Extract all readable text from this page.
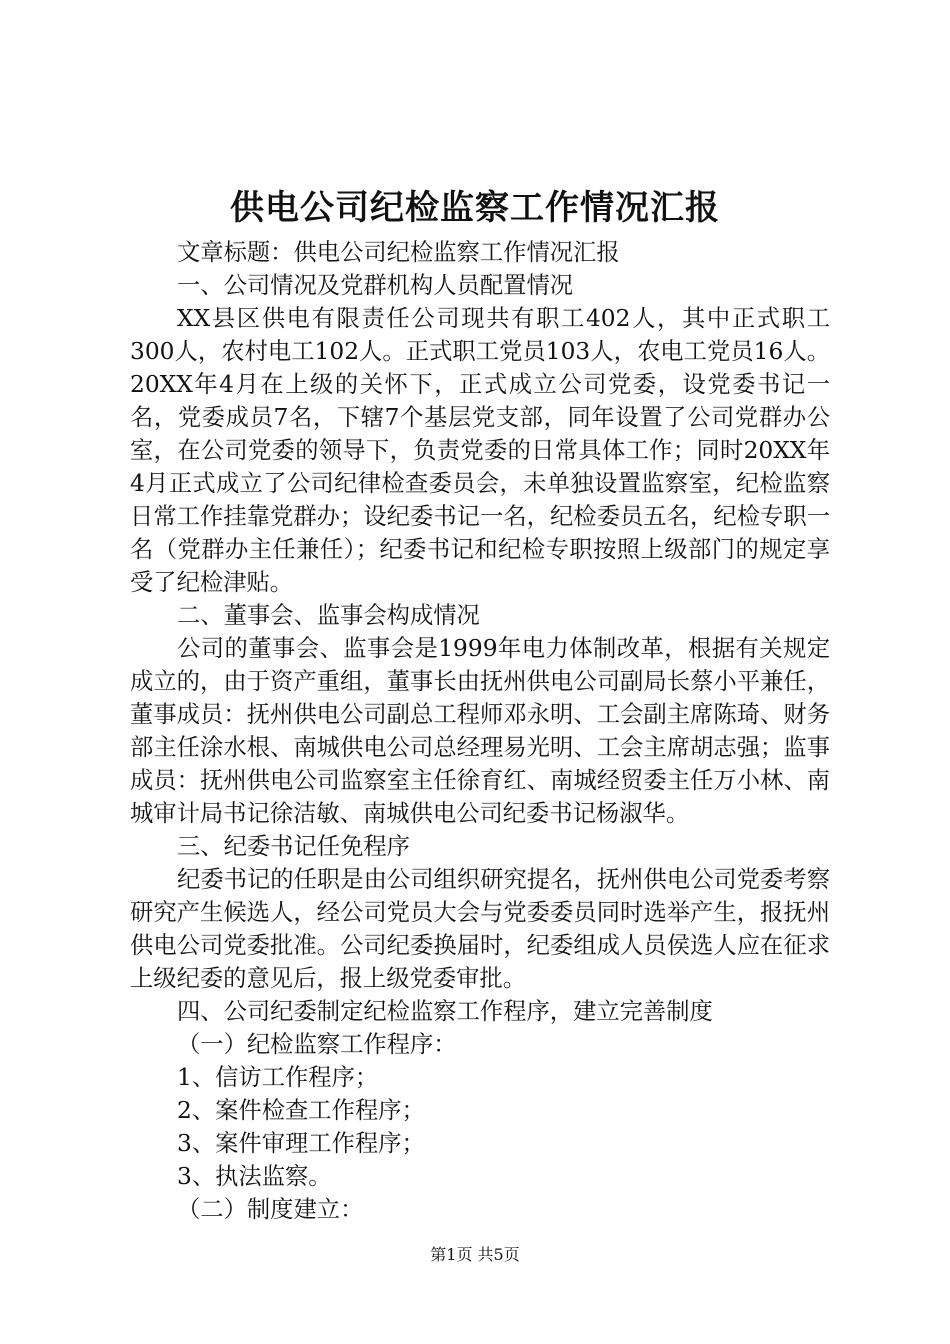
供电公司纪检监察工作情况汇报

文章标题：供电公司纪检监察工作情况汇报

一、公司情况及党群机构人员配置情况

XX县区供电有限责任公司现共有职工402人，其中正式职工300人，农村电工102人。正式职工党员103人，农电工党员16人。20XX年4月在上级的关怀下，正式成立公司党委，设党委书记一名，党委成员7名，下辖7个基层党支部，同年设置了公司党群办公室，在公司党委的领导下，负责党委的日常具体工作；同时20XX年4月正式成立了公司纪律检查委员会，未单独设置监察室，纪检监察日常工作挂靠党群办；设纪委书记一名，纪检委员五名，纪检专职一名（党群办主任兼任）；纪委书记和纪检专职按照上级部门的规定享受了纪检津贴。

二、董事会、监事会构成情况

公司的董事会、监事会是1999年电力体制改革，根据有关规定成立的，由于资产重组，董事长由抚州供电公司副局长蔡小平兼任，董事成员：抚州供电公司副总工程师邓永明、工会副主席陈琦、财务部主任涂水根、南城供电公司总经理易光明、工会主席胡志强；监事成员：抚州供电公司监察室主任徐育红、南城经贸委主任万小林、南城审计局书记徐洁敏、南城供电公司纪委书记杨淑华。

三、纪委书记任免程序

纪委书记的任职是由公司组织研究提名，抚州供电公司党委考察研究产生候选人，经公司党员大会与党委委员同时选举产生，报抚州供电公司党委批准。公司纪委换届时，纪委组成人员侯选人应在征求上级纪委的意见后，报上级党委审批。

四、公司纪委制定纪检监察工作程序，建立完善制度

（一）纪检监察工作程序：

1、信访工作程序；

2、案件检查工作程序；

3、案件审理工作程序；

3、执法监察。

（二）制度建立：

第1页 共5页
